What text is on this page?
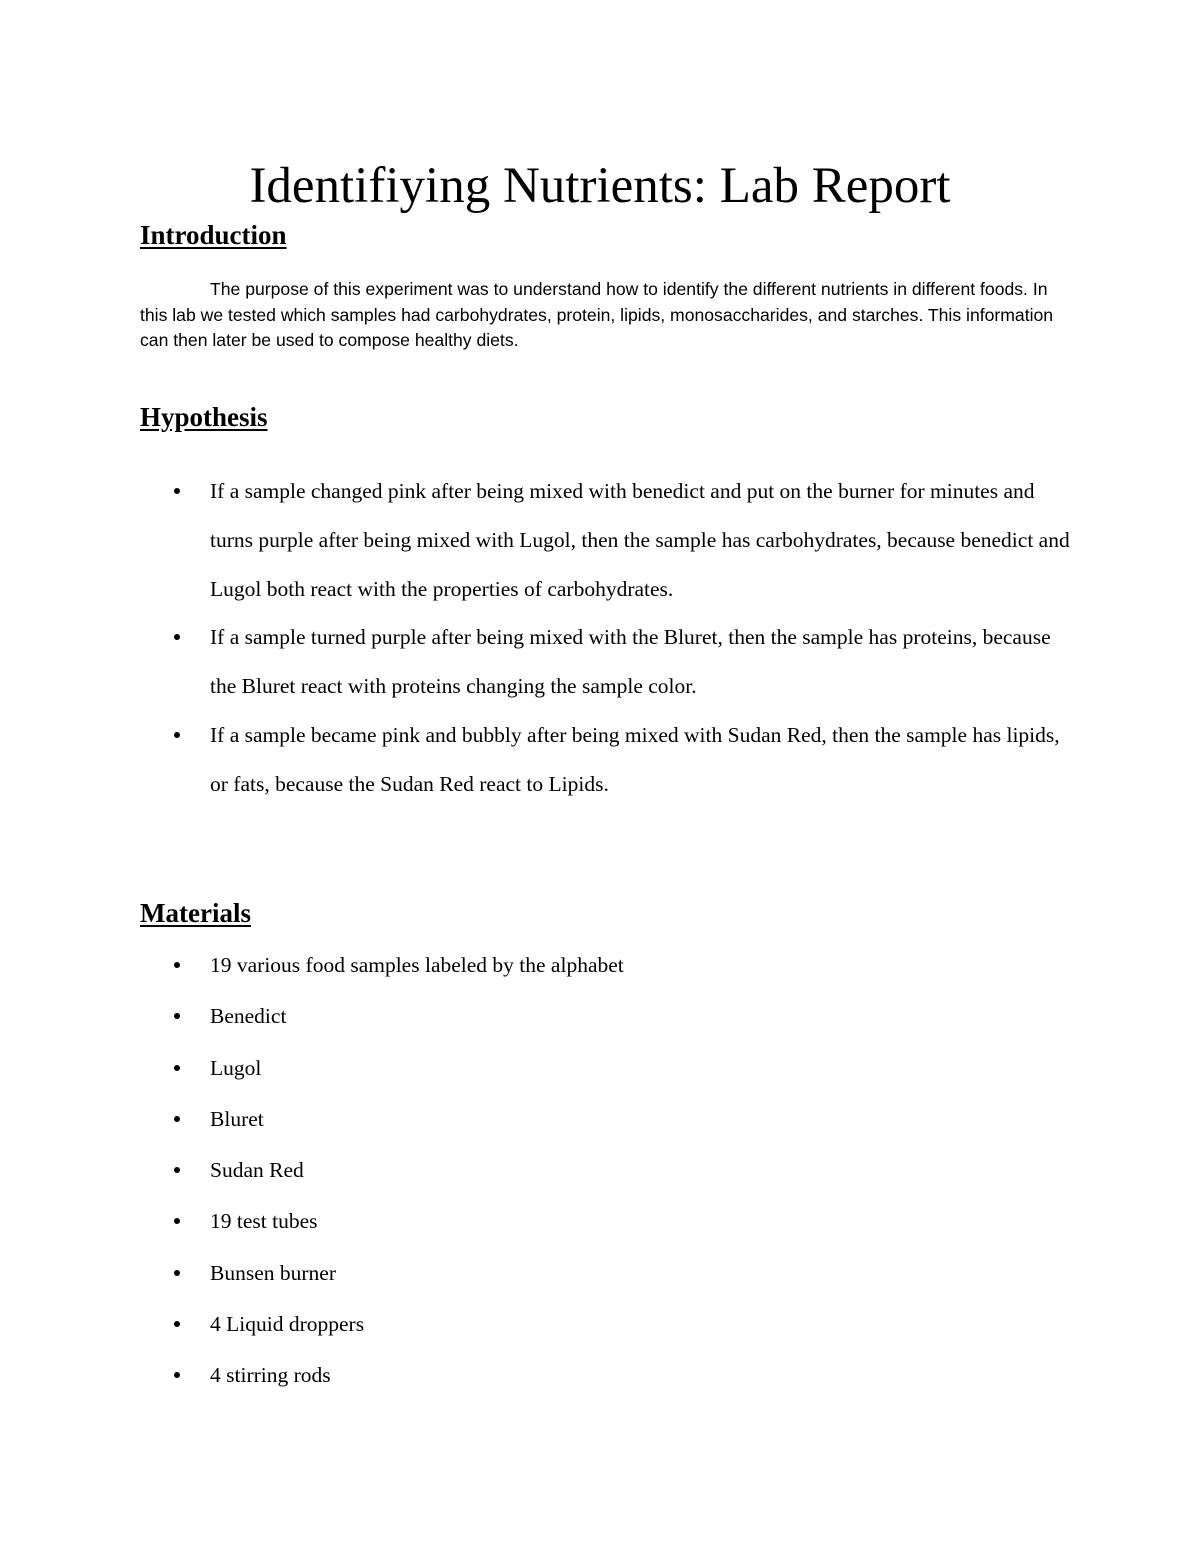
Identifiying Nutrients: Lab Report
Introduction

The purpose of this experiment was to understand how to identify the different nutrients in different foods. In this lab we tested which samples had carbohydrates, protein, lipids, monosaccharides, and starches. This information can then later be used to compose healthy diets.

Hypothesis
If a sample changed pink after being mixed with benedict and put on the burner for minutes and turns purple after being mixed with Lugol, then the sample has carbohydrates, because benedict and Lugol both react with the properties of carbohydrates.
If a sample turned purple after being mixed with the Bluret, then the sample has proteins, because the Bluret react with proteins changing the sample color.
If a sample became pink and bubbly after being mixed with Sudan Red, then the sample has lipids, or fats, because the Sudan Red react to Lipids.
Materials
19 various food samples labeled by the alphabet
Benedict
Lugol
Bluret
Sudan Red
19 test tubes
Bunsen burner
4 Liquid droppers
4 stirring rods
